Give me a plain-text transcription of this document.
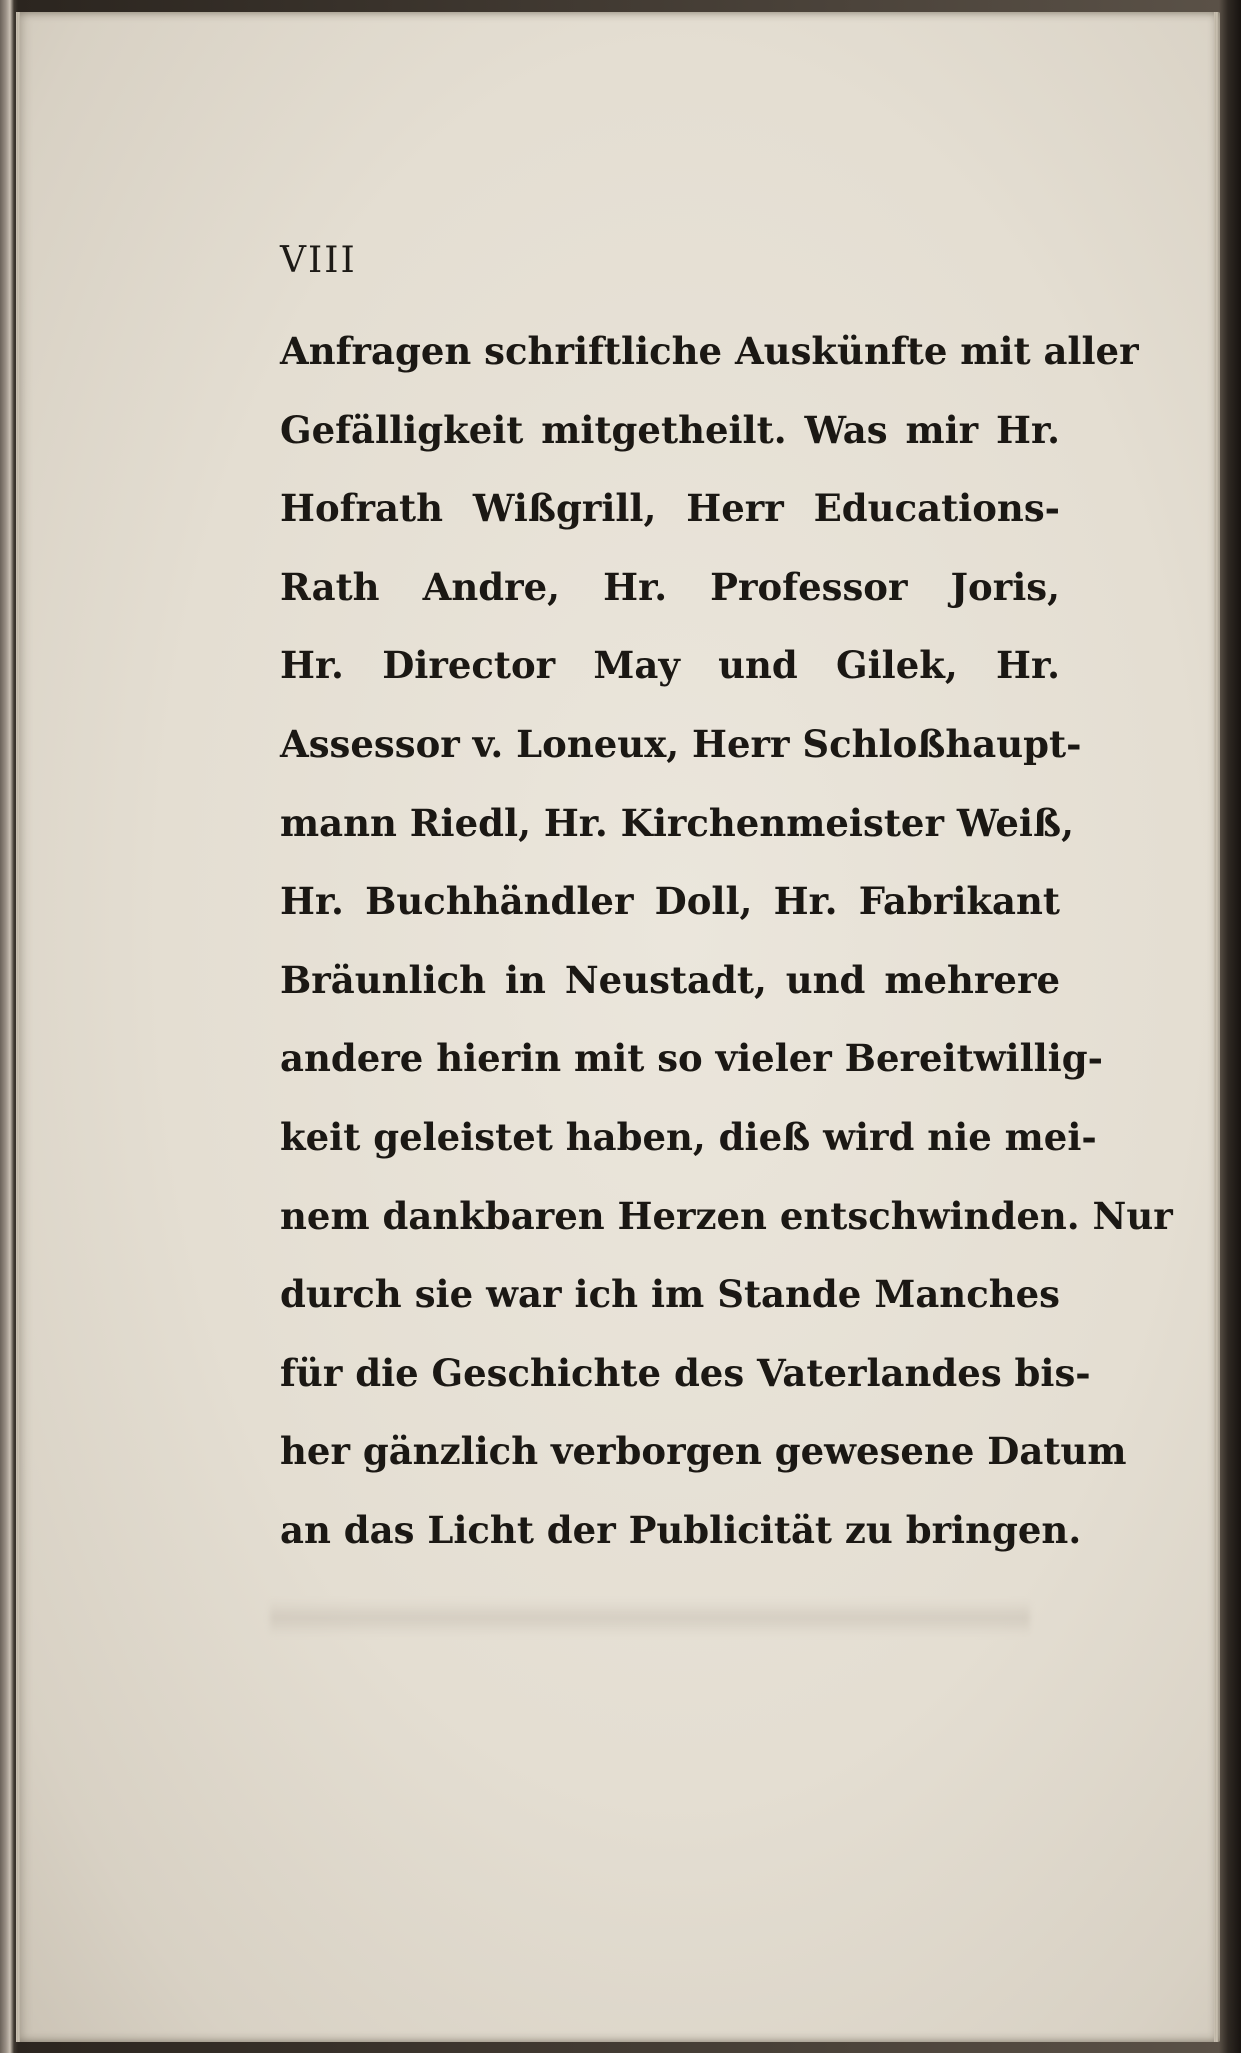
VIII

Anfragen schriftliche Auskünfte mit aller
Gefälligkeit mitgetheilt. Was mir Hr.
Hofrath Wißgrill, Herr Educations-
Rath Andre, Hr. Professor Joris,
Hr. Director May und Gilek, Hr.
Assessor v. Loneux, Herr Schloßhaupt-
mann Riedl, Hr. Kirchenmeister Weiß,
Hr. Buchhändler Doll, Hr. Fabrikant
Bräunlich in Neustadt, und mehrere
andere hierin mit so vieler Bereitwillig-
keit geleistet haben, dieß wird nie mei-
nem dankbaren Herzen entschwinden. Nur
durch sie war ich im Stande Manches
für die Geschichte des Vaterlandes bis-
her gänzlich verborgen gewesene Datum
an das Licht der Publicität zu bringen.
